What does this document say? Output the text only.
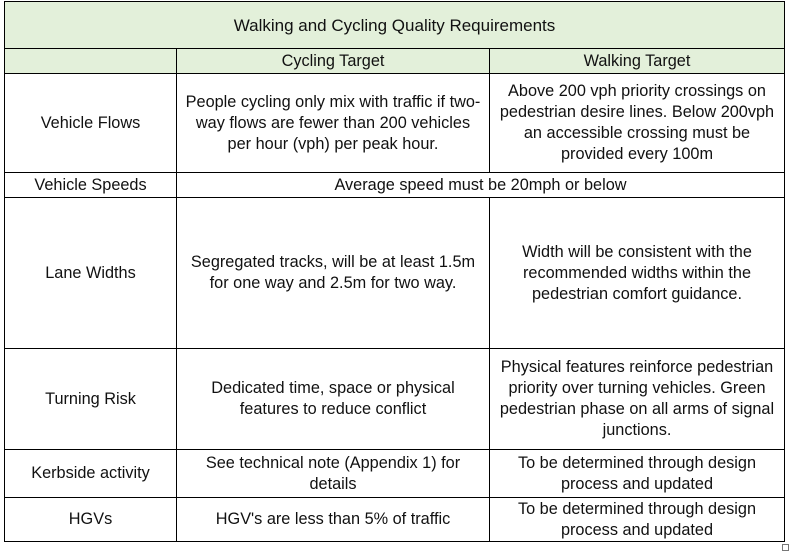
Walking and Cycling Quality Requirements		
	Cycling Target	Walking Target
Vehicle Flows	People cycling only mix with traffic if two-way flows are fewer than 200 vehicles per hour (vph) per peak hour.	Above 200 vph priority crossings on pedestrian desire lines. Below 200vph an accessible crossing must be provided every 100m
Vehicle Speeds	Average speed must be 20mph or below	
Lane Widths	Segregated tracks, will be at least 1.5m for one way and 2.5m for two way.	Width will be consistent with the recommended widths within the pedestrian comfort guidance.
Turning Risk	Dedicated time, space or physical features to reduce conflict	Physical features reinforce pedestrian priority over turning vehicles. Green pedestrian phase on all arms of signal junctions.
Kerbside activity	See technical note (Appendix 1) for details	To be determined through design process and updated
HGVs	HGV's are less than 5% of traffic	To be determined through design process and updated
